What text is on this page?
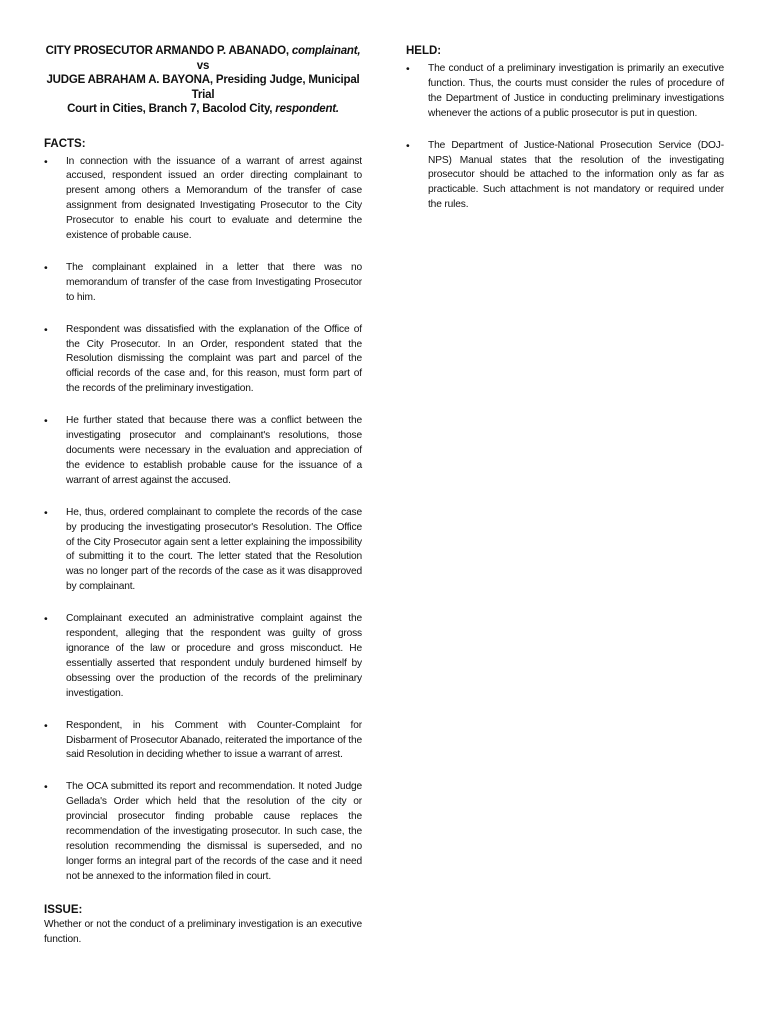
CITY PROSECUTOR ARMANDO P. ABANADO, complainant,
vs
JUDGE ABRAHAM A. BAYONA, Presiding Judge, Municipal Trial
Court in Cities, Branch 7, Bacolod City, respondent.
FACTS:
• In connection with the issuance of a warrant of arrest against accused, respondent issued an order directing complainant to present among others a Memorandum of the transfer of case assignment from designated Investigating Prosecutor to the City Prosecutor to enable his court to evaluate and determine the existence of probable cause.
• The complainant explained in a letter that there was no memorandum of transfer of the case from Investigating Prosecutor to him.
• Respondent was dissatisfied with the explanation of the Office of the City Prosecutor. In an Order, respondent stated that the Resolution dismissing the complaint was part and parcel of the official records of the case and, for this reason, must form part of the records of the preliminary investigation.
• He further stated that because there was a conflict between the investigating prosecutor and complainant's resolutions, those documents were necessary in the evaluation and appreciation of the evidence to establish probable cause for the issuance of a warrant of arrest against the accused.
• He, thus, ordered complainant to complete the records of the case by producing the investigating prosecutor's Resolution. The Office of the City Prosecutor again sent a letter explaining the impossibility of submitting it to the court. The letter stated that the Resolution was no longer part of the records of the case as it was disapproved by complainant.
• Complainant executed an administrative complaint against the respondent, alleging that the respondent was guilty of gross ignorance of the law or procedure and gross misconduct. He essentially asserted that respondent unduly burdened himself by obsessing over the production of the records of the preliminary investigation.
• Respondent, in his Comment with Counter-Complaint for Disbarment of Prosecutor Abanado, reiterated the importance of the said Resolution in deciding whether to issue a warrant of arrest.
• The OCA submitted its report and recommendation. It noted Judge Gellada's Order which held that the resolution of the city or provincial prosecutor finding probable cause replaces the recommendation of the investigating prosecutor. In such case, the resolution recommending the dismissal is superseded, and no longer forms an integral part of the records of the case and it need not be annexed to the information filed in court.
ISSUE:
Whether or not the conduct of a preliminary investigation is an executive function.
HELD:
• The conduct of a preliminary investigation is primarily an executive function. Thus, the courts must consider the rules of procedure of the Department of Justice in conducting preliminary investigations whenever the actions of a public prosecutor is put in question.
• The Department of Justice-National Prosecution Service (DOJ-NPS) Manual states that the resolution of the investigating prosecutor should be attached to the information only as far as practicable. Such attachment is not mandatory or required under the rules.
